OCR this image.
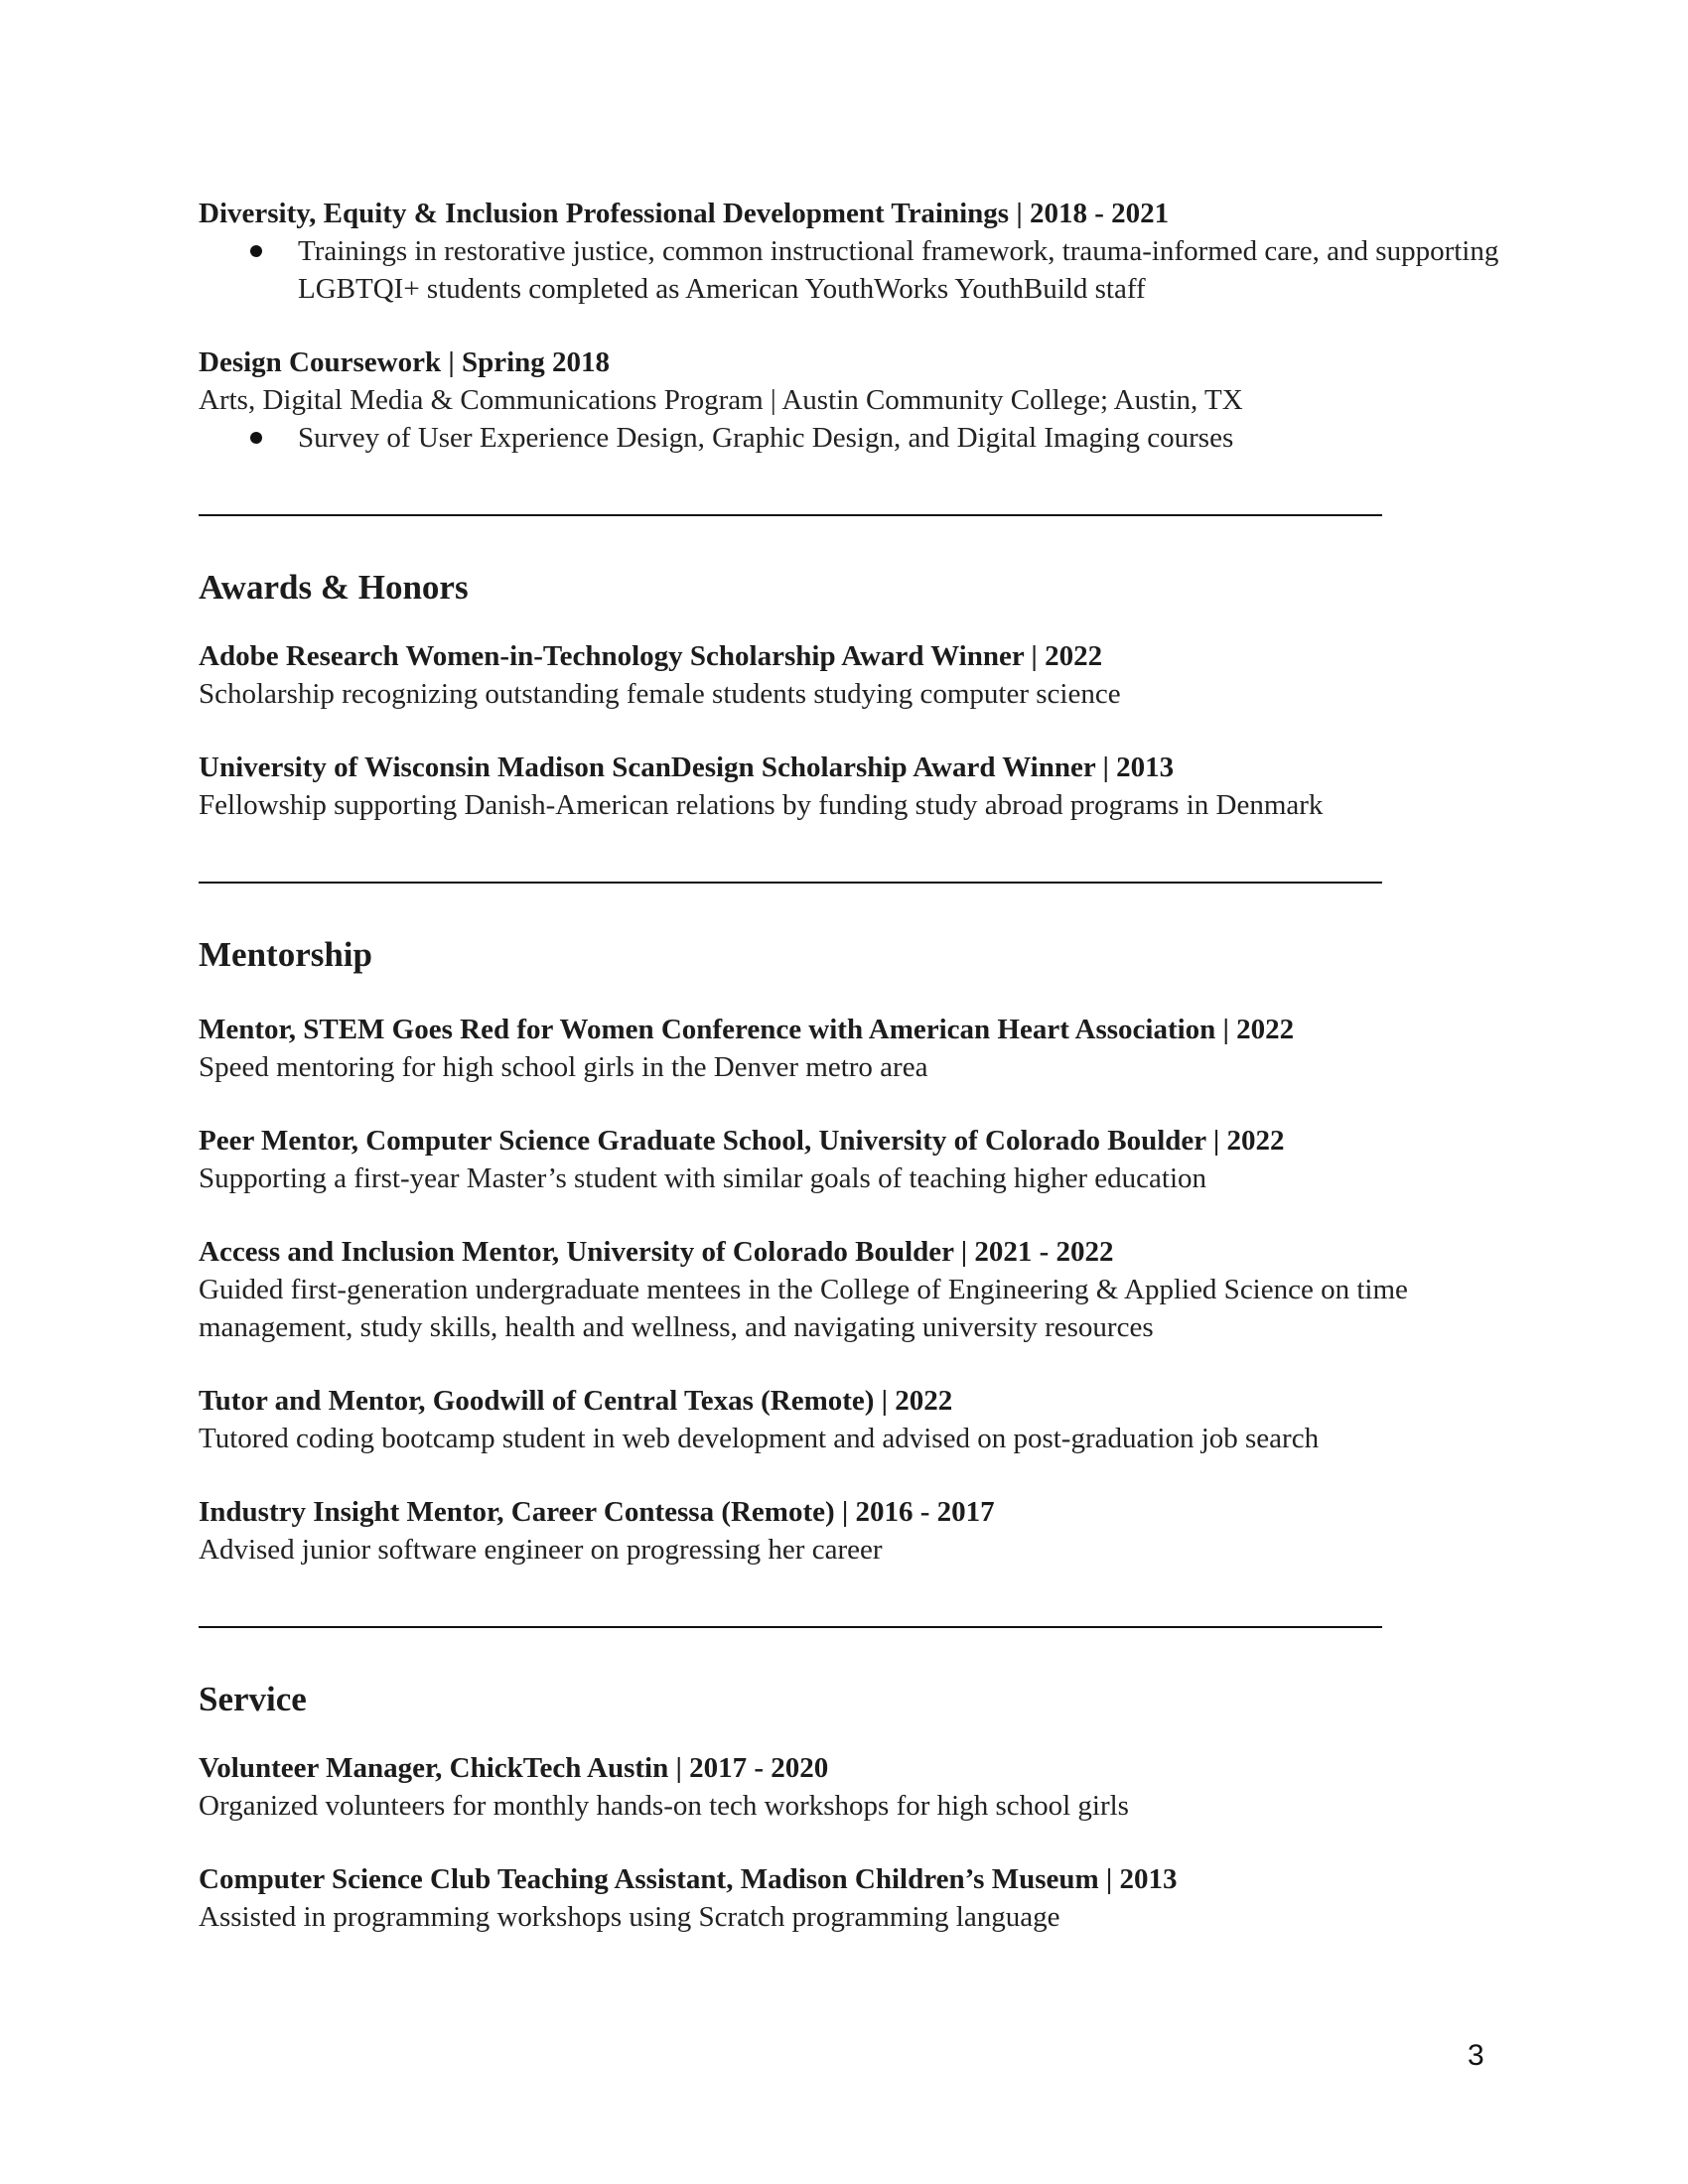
Diversity, Equity & Inclusion Professional Development Trainings | 2018 - 2021

Trainings in restorative justice, common instructional framework, trauma-informed care, and supporting LGBTQI+ students completed as American YouthWorks YouthBuild staff

Design Coursework | Spring 2018

Arts, Digital Media & Communications Program | Austin Community College; Austin, TX

Survey of User Experience Design, Graphic Design, and Digital Imaging courses
Awards & Honors

Adobe Research Women-in-Technology Scholarship Award Winner | 2022

Scholarship recognizing outstanding female students studying computer science

University of Wisconsin Madison ScanDesign Scholarship Award Winner | 2013

Fellowship supporting Danish-American relations by funding study abroad programs in Denmark

Mentorship

Mentor, STEM Goes Red for Women Conference with American Heart Association | 2022

Speed mentoring for high school girls in the Denver metro area

Peer Mentor, Computer Science Graduate School, University of Colorado Boulder | 2022

Supporting a first-year Master’s student with similar goals of teaching higher education

Access and Inclusion Mentor, University of Colorado Boulder | 2021 - 2022

Guided first-generation undergraduate mentees in the College of Engineering & Applied Science on time management, study skills, health and wellness, and navigating university resources

Tutor and Mentor, Goodwill of Central Texas (Remote) | 2022

Tutored coding bootcamp student in web development and advised on post-graduation job search

Industry Insight Mentor, Career Contessa (Remote) | 2016 - 2017

Advised junior software engineer on progressing her career

Service

Volunteer Manager, ChickTech Austin | 2017 - 2020

Organized volunteers for monthly hands-on tech workshops for high school girls

Computer Science Club Teaching Assistant, Madison Children’s Museum | 2013

Assisted in programming workshops using Scratch programming language

3
